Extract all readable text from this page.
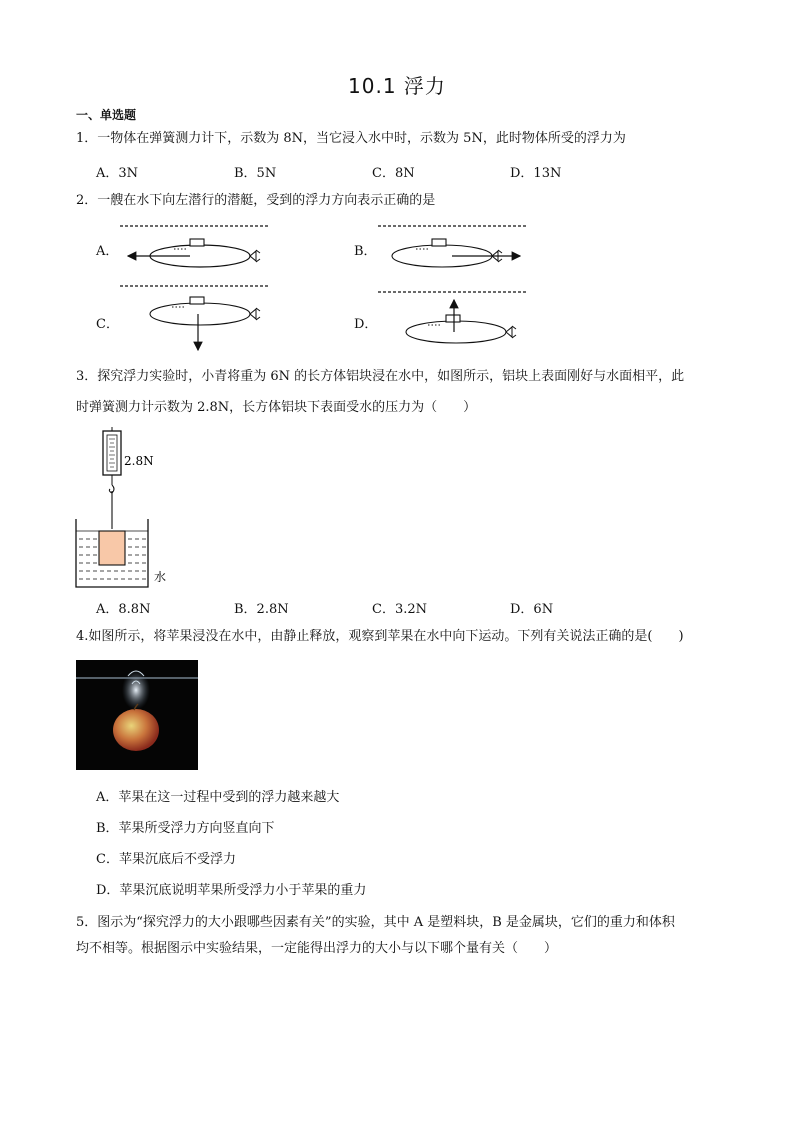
10.1 浮力
一、单选题
1．一物体在弹簧测力计下，示数为 8N，当它浸入水中时，示数为 5N，此时物体所受的浮力为
A．3N	B．5N	C．8N	D．13N
2．一艘在水下向左潜行的潜艇，受到的浮力方向表示正确的是
A．	B．
C．	D．
3．探究浮力实验时，小青将重为 6N 的长方体铝块浸在水中，如图所示，铝块上表面刚好与水面相平，此
时弹簧测力计示数为 2.8N，长方体铝块下表面受水的压力为（　　）
2.8N
水
A．8.8N	B．2.8N	C．3.2N	D．6N
4.如图所示，将苹果浸没在水中，由静止释放，观察到苹果在水中向下运动。下列有关说法正确的是(　　)
A．苹果在这一过程中受到的浮力越来越大
B．苹果所受浮力方向竖直向下
C．苹果沉底后不受浮力
D．苹果沉底说明苹果所受浮力小于苹果的重力
5．图示为“探究浮力的大小跟哪些因素有关”的实验，其中 A 是塑料块，B 是金属块，它们的重力和体积
均不相等。根据图示中实验结果，一定能得出浮力的大小与以下哪个量有关（　　）
